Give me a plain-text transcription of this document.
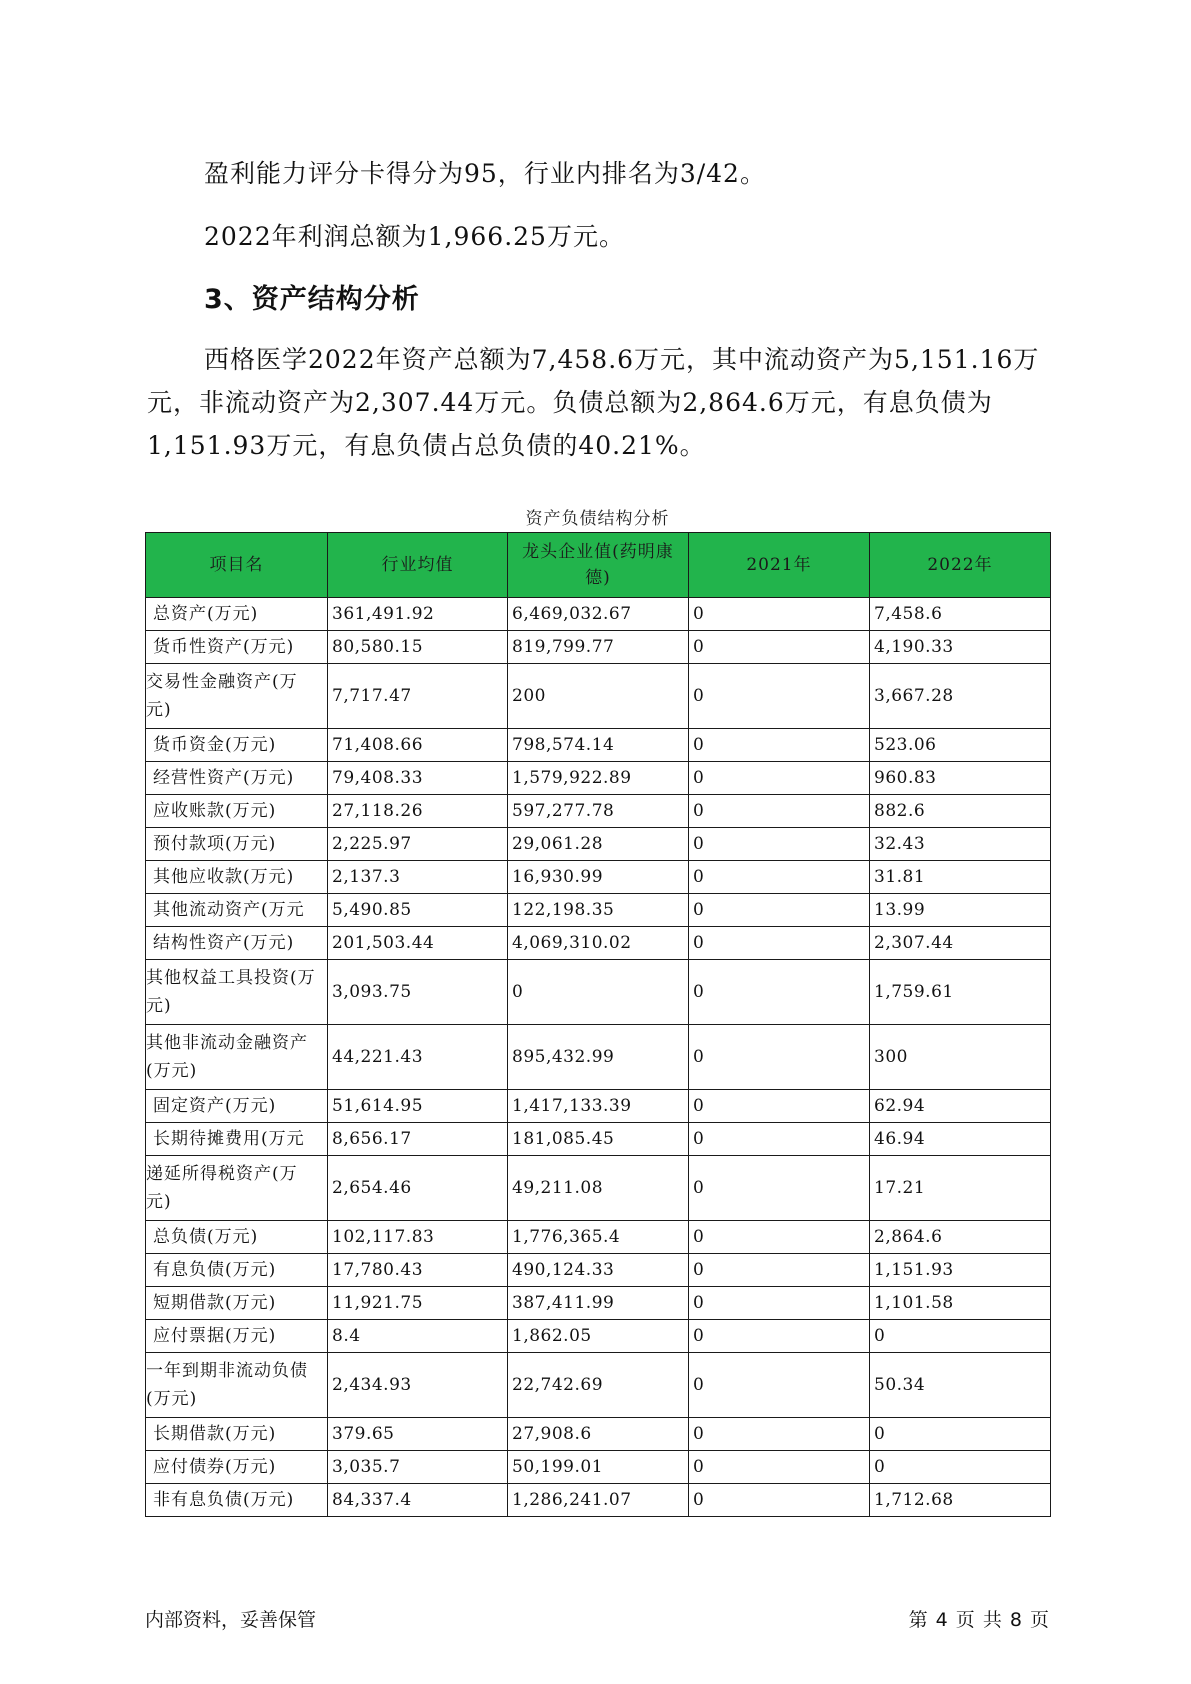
盈利能力评分卡得分为95，行业内排名为3/42。

2022年利润总额为1,966.25万元。

3、资产结构分析

西格医学2022年资产总额为7,458.6万元，其中流动资产为5,151.16万元，非流动资产为2,307.44万元。负债总额为2,864.6万元，有息负债为1,151.93万元，有息负债占总负债的40.21%。

资产负债结构分析

项目名	行业均值	龙头企业值(药明康德)	2021年	2022年
总资产(万元)	361,491.92	6,469,032.67	0	7,458.6
货币性资产(万元)	80,580.15	819,799.77	0	4,190.33
交易性金融资产(万元)	7,717.47	200	0	3,667.28
货币资金(万元)	71,408.66	798,574.14	0	523.06
经营性资产(万元)	79,408.33	1,579,922.89	0	960.83
应收账款(万元)	27,118.26	597,277.78	0	882.6
预付款项(万元)	2,225.97	29,061.28	0	32.43
其他应收款(万元)	2,137.3	16,930.99	0	31.81
其他流动资产(万元	5,490.85	122,198.35	0	13.99
结构性资产(万元)	201,503.44	4,069,310.02	0	2,307.44
其他权益工具投资(万元)	3,093.75	0	0	1,759.61
其他非流动金融资产(万元)	44,221.43	895,432.99	0	300
固定资产(万元)	51,614.95	1,417,133.39	0	62.94
长期待摊费用(万元	8,656.17	181,085.45	0	46.94
递延所得税资产(万元)	2,654.46	49,211.08	0	17.21
总负债(万元)	102,117.83	1,776,365.4	0	2,864.6
有息负债(万元)	17,780.43	490,124.33	0	1,151.93
短期借款(万元)	11,921.75	387,411.99	0	1,101.58
应付票据(万元)	8.4	1,862.05	0	0
一年到期非流动负债(万元)	2,434.93	22,742.69	0	50.34
长期借款(万元)	379.65	27,908.6	0	0
应付债券(万元)	3,035.7	50,199.01	0	0
非有息负债(万元)	84,337.4	1,286,241.07	0	1,712.68

内部资料，妥善保管	第 4 页 共 8 页
